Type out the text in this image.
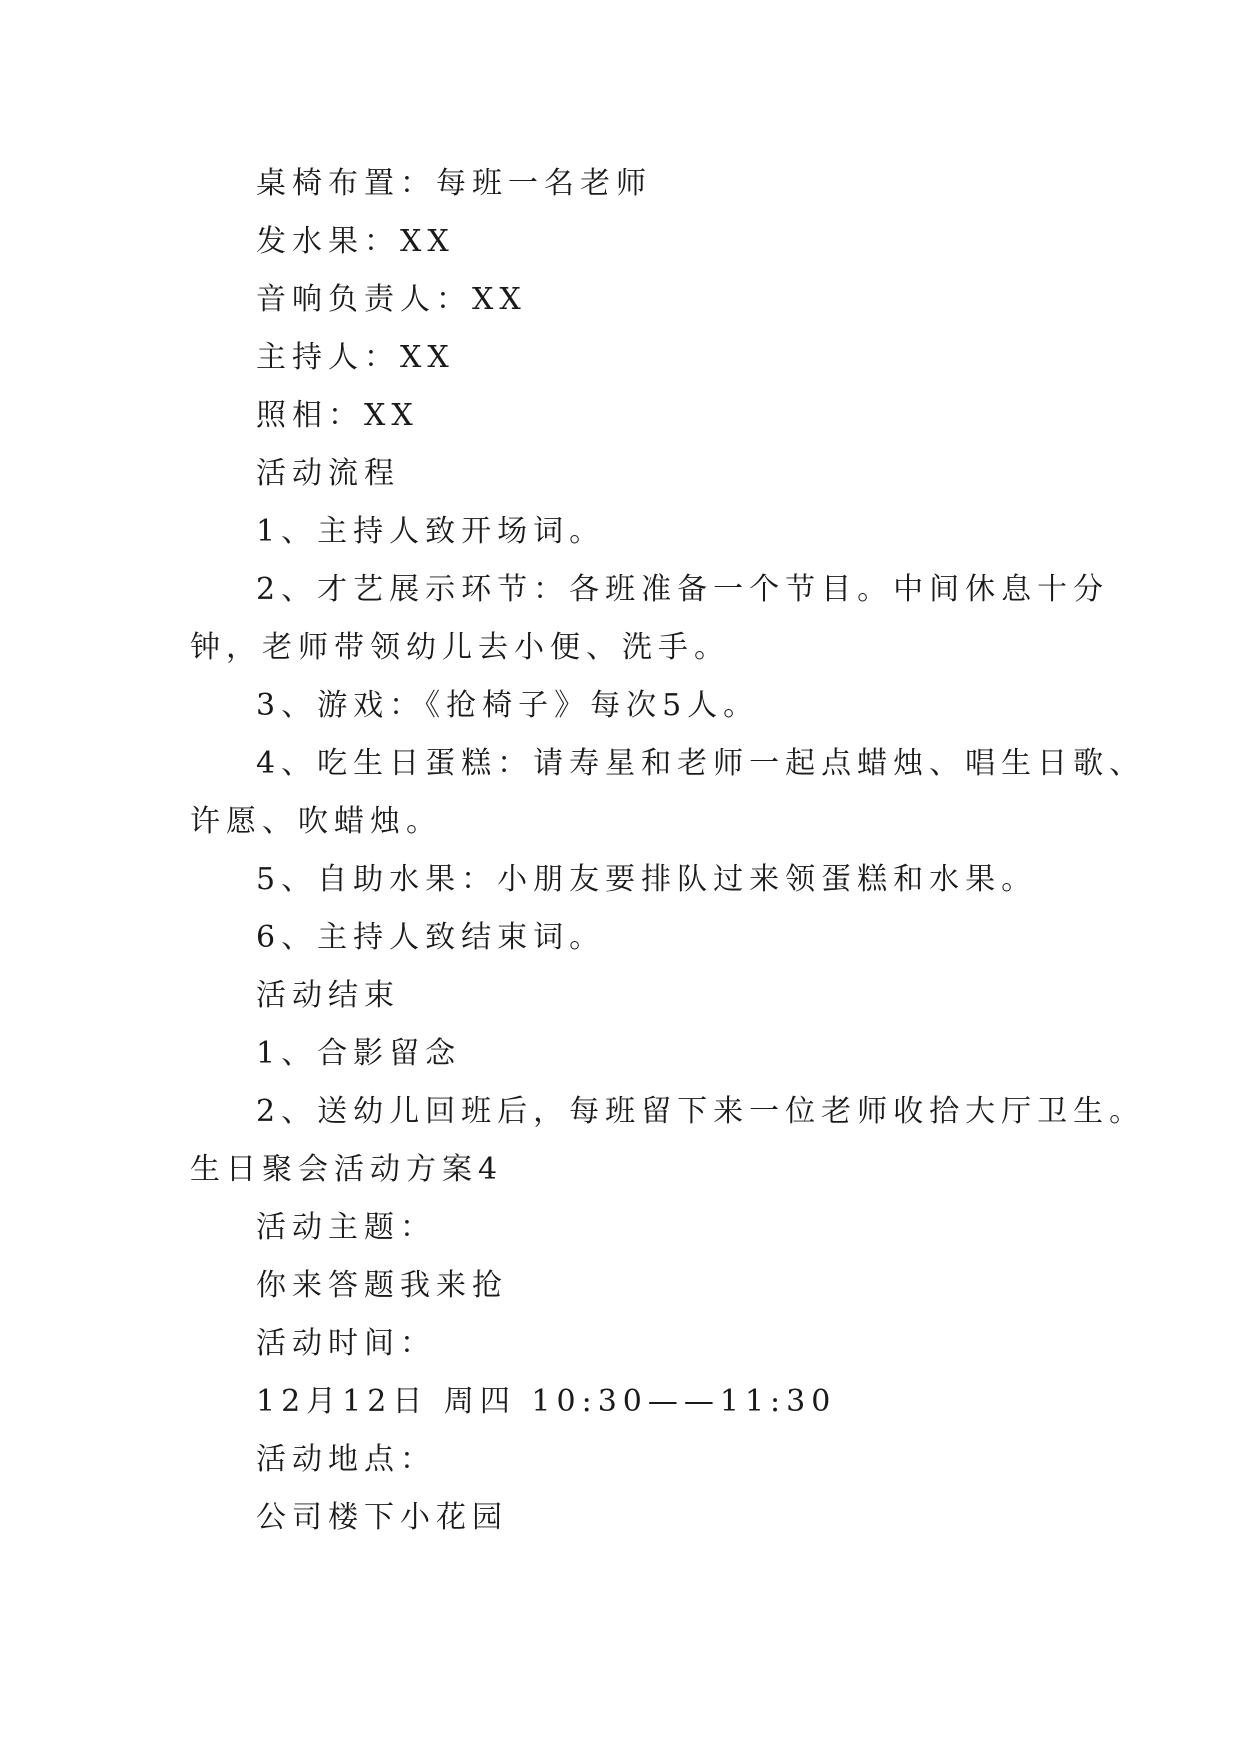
桌椅布置：每班一名老师
发水果：XX
音响负责人：XX
主持人：XX
照相：XX
活动流程
1、主持人致开场词。
2、才艺展示环节：各班准备一个节目。中间休息十分
钟，老师带领幼儿去小便、洗手。
3、游戏：《抢椅子》每次5人。
4、吃生日蛋糕：请寿星和老师一起点蜡烛、唱生日歌、
许愿、吹蜡烛。
5、自助水果：小朋友要排队过来领蛋糕和水果。
6、主持人致结束词。
活动结束
1、合影留念
2、送幼儿回班后，每班留下来一位老师收拾大厅卫生。
生日聚会活动方案4
活动主题：
你来答题我来抢
活动时间：
12月12日 周四 10:30——11:30
活动地点：
公司楼下小花园
